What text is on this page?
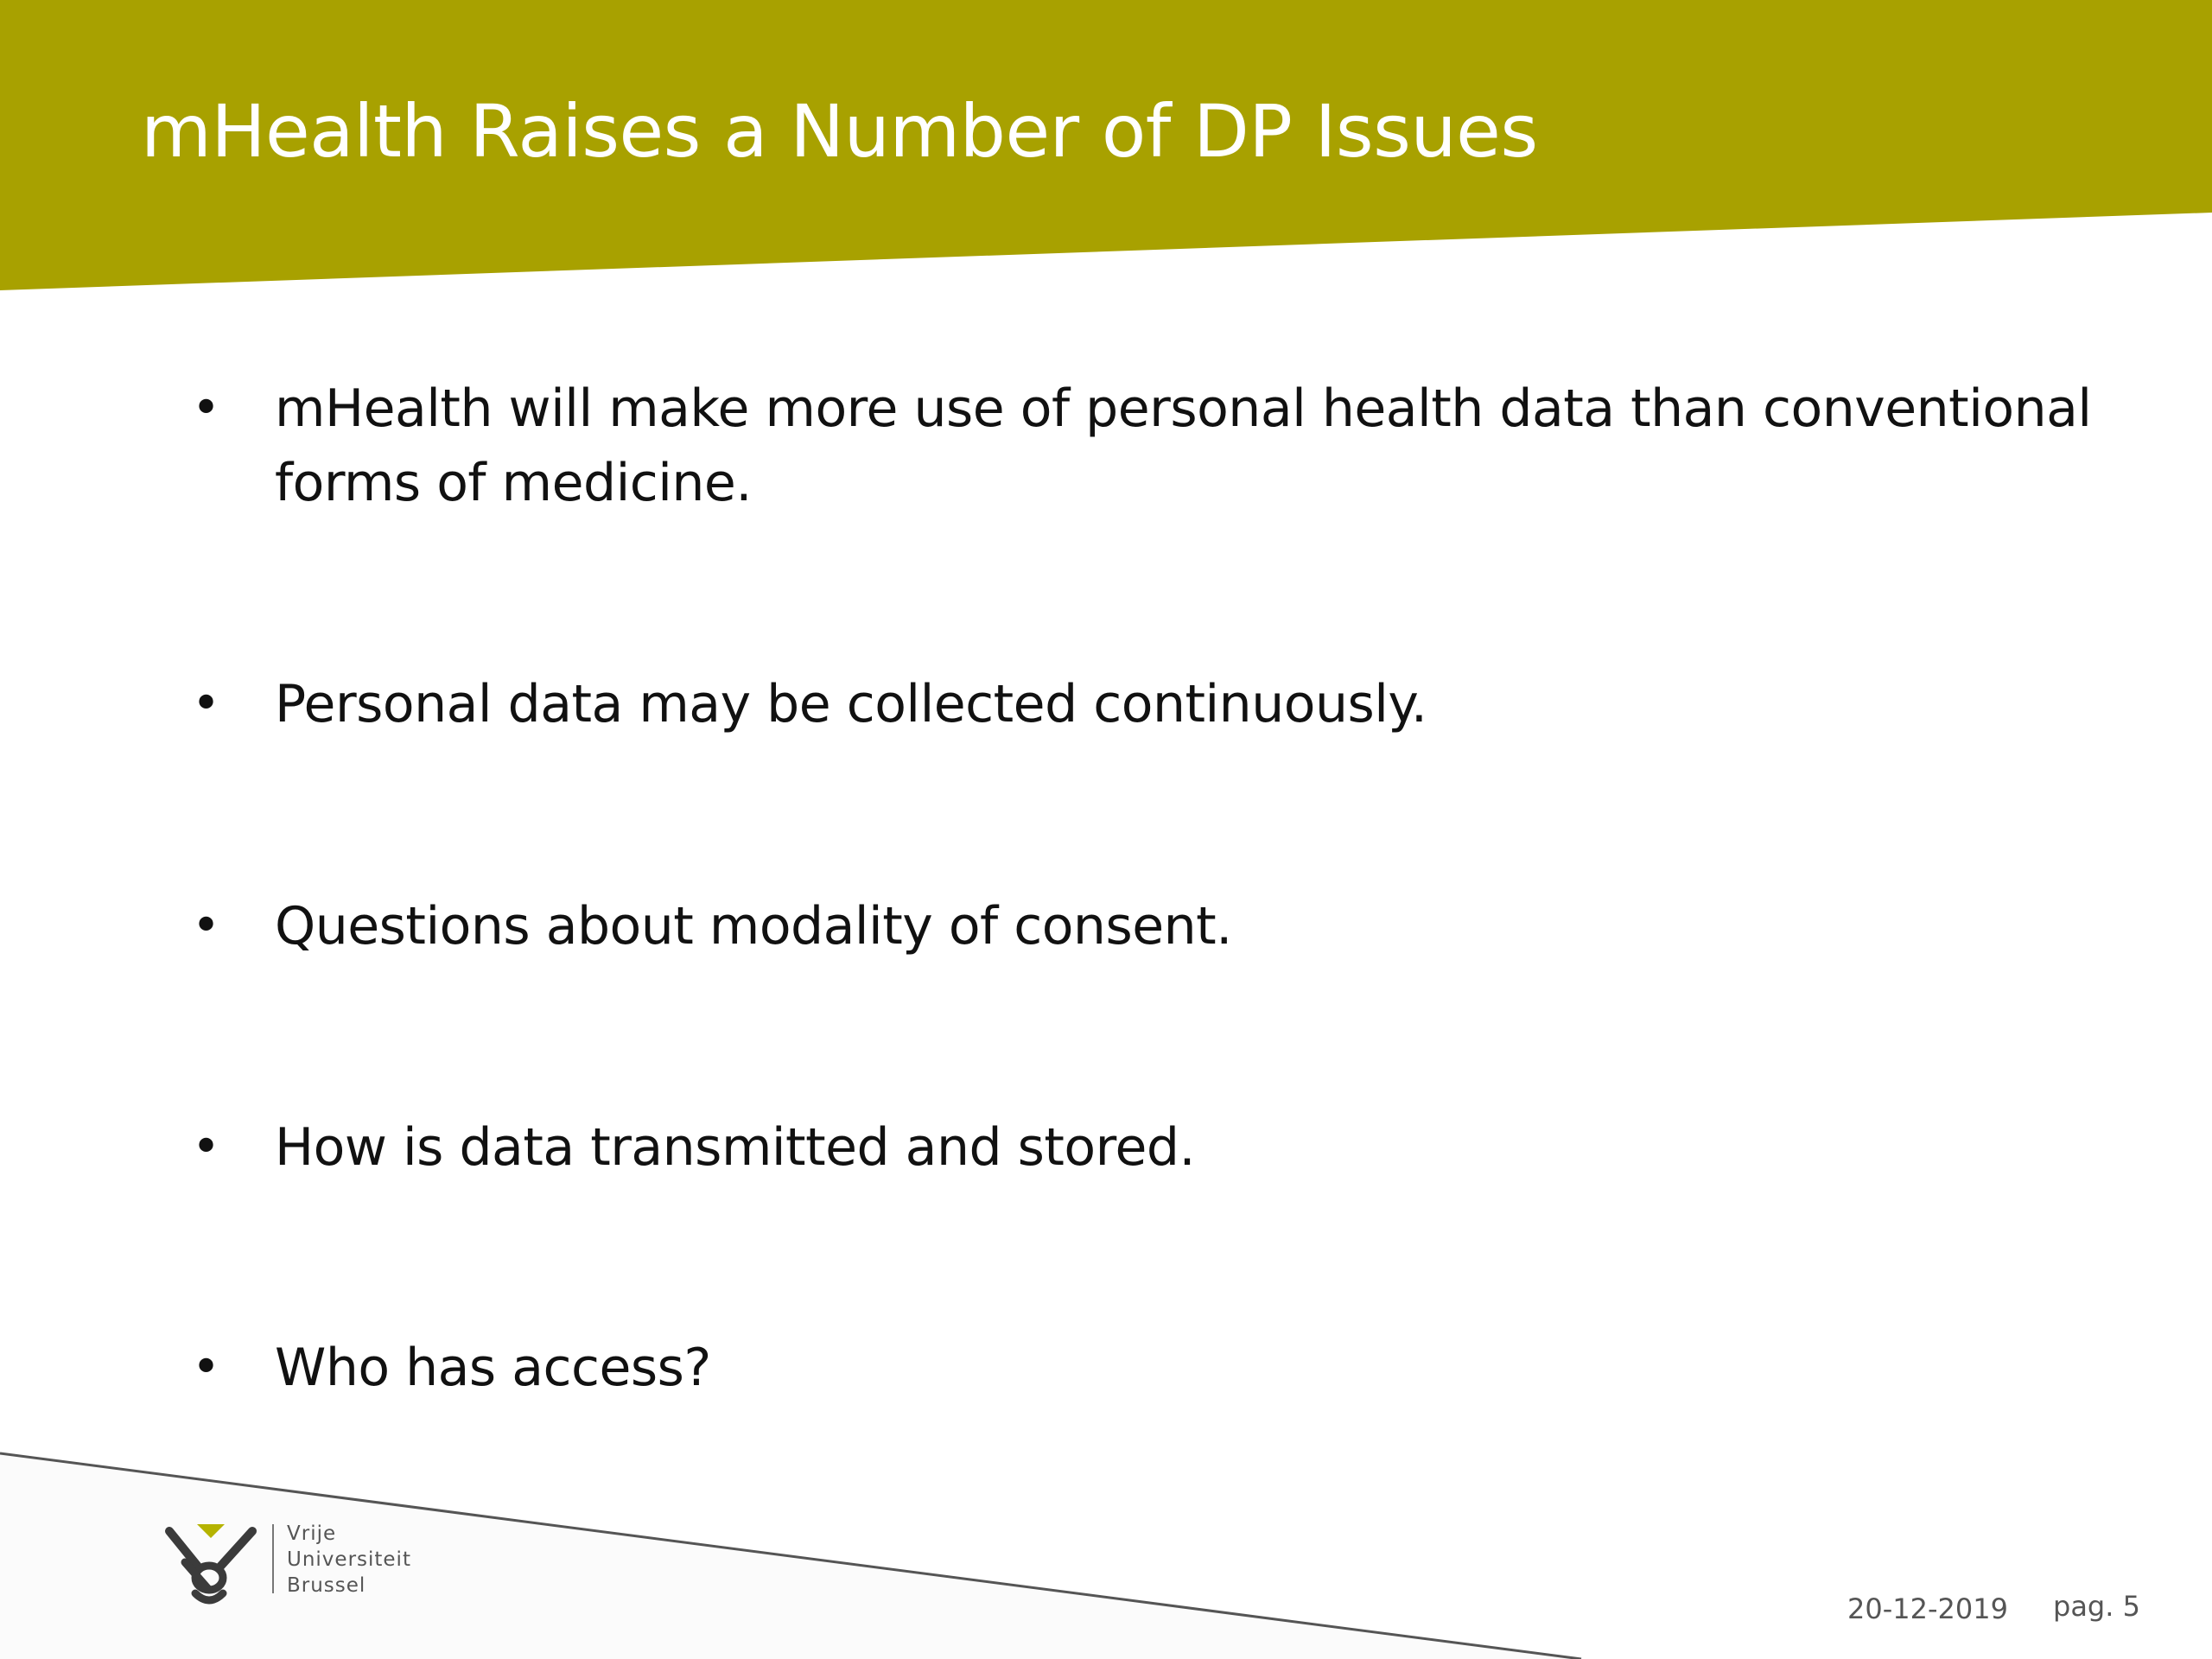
mHealth Raises a Number of DP Issues
• mHealth will make more use of personal health data than conventional forms of medicine.
• Personal data may be collected continuously.
• Questions about modality of consent.
• How is data transmitted and stored.
• Who has access?
Vrije
Universiteit
Brussel
20-12-2019 pag. 5
